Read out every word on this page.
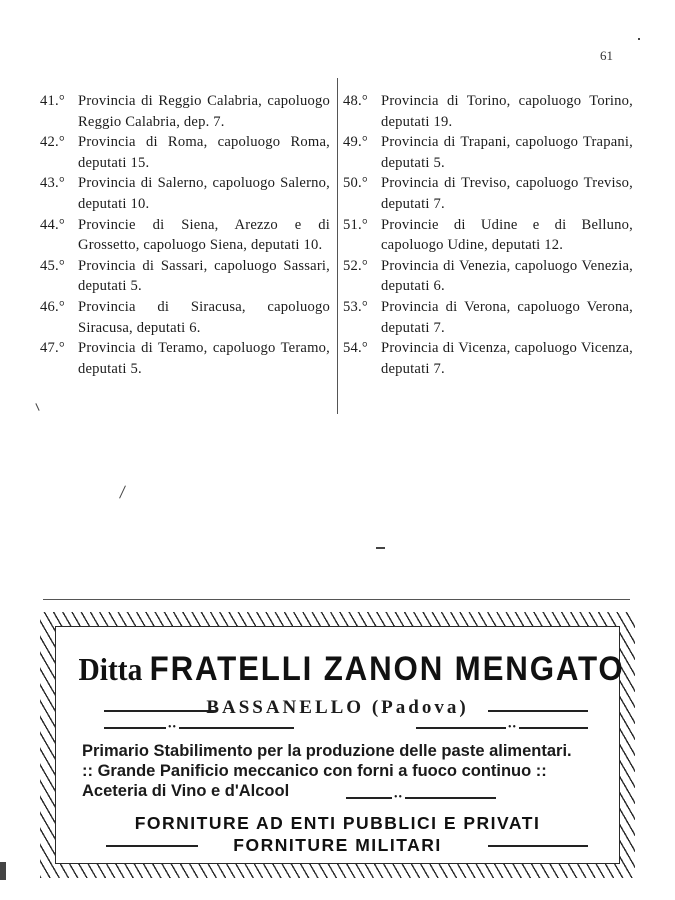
61
41.° Provincia di Reggio Calabria, capoluogo Reggio Calabria, dep. 7.
42.° Provincia di Roma, capoluogo Roma, deputati 15.
43.° Provincia di Salerno, capoluogo Salerno, deputati 10.
44.° Provincie di Siena, Arezzo e di Grossetto, capoluogo Siena, deputati 10.
45.° Provincia di Sassari, capoluogo Sassari, deputati 5.
46.° Provincia di Siracusa, capoluogo Siracusa, deputati 6.
47.° Provincia di Teramo, capoluogo Teramo, deputati 5.
48.° Provincia di Torino, capoluogo Torino, deputati 19.
49.° Provincia di Trapani, capoluogo Trapani, deputati 5.
50.° Provincia di Treviso, capoluogo Treviso, deputati 7.
51.° Provincie di Udine e di Belluno, capoluogo Udine, deputati 12.
52.° Provincia di Venezia, capoluogo Venezia, deputati 6.
53.° Provincia di Verona, capoluogo Verona, deputati 7.
54.° Provincia di Vicenza, capoluogo Vicenza, deputati 7.
Ditta FRATELLI ZANON MENGATO
BASSANELLO (Padova)
••	••
Primario Stabilimento per la produzione delle paste alimentari.
:: Grande Panificio meccanico con forni a fuoco continuo ::
Aceteria di Vino e d'Alcool	••
FORNITURE AD ENTI PUBBLICI E PRIVATI
FORNITURE MILITARI
